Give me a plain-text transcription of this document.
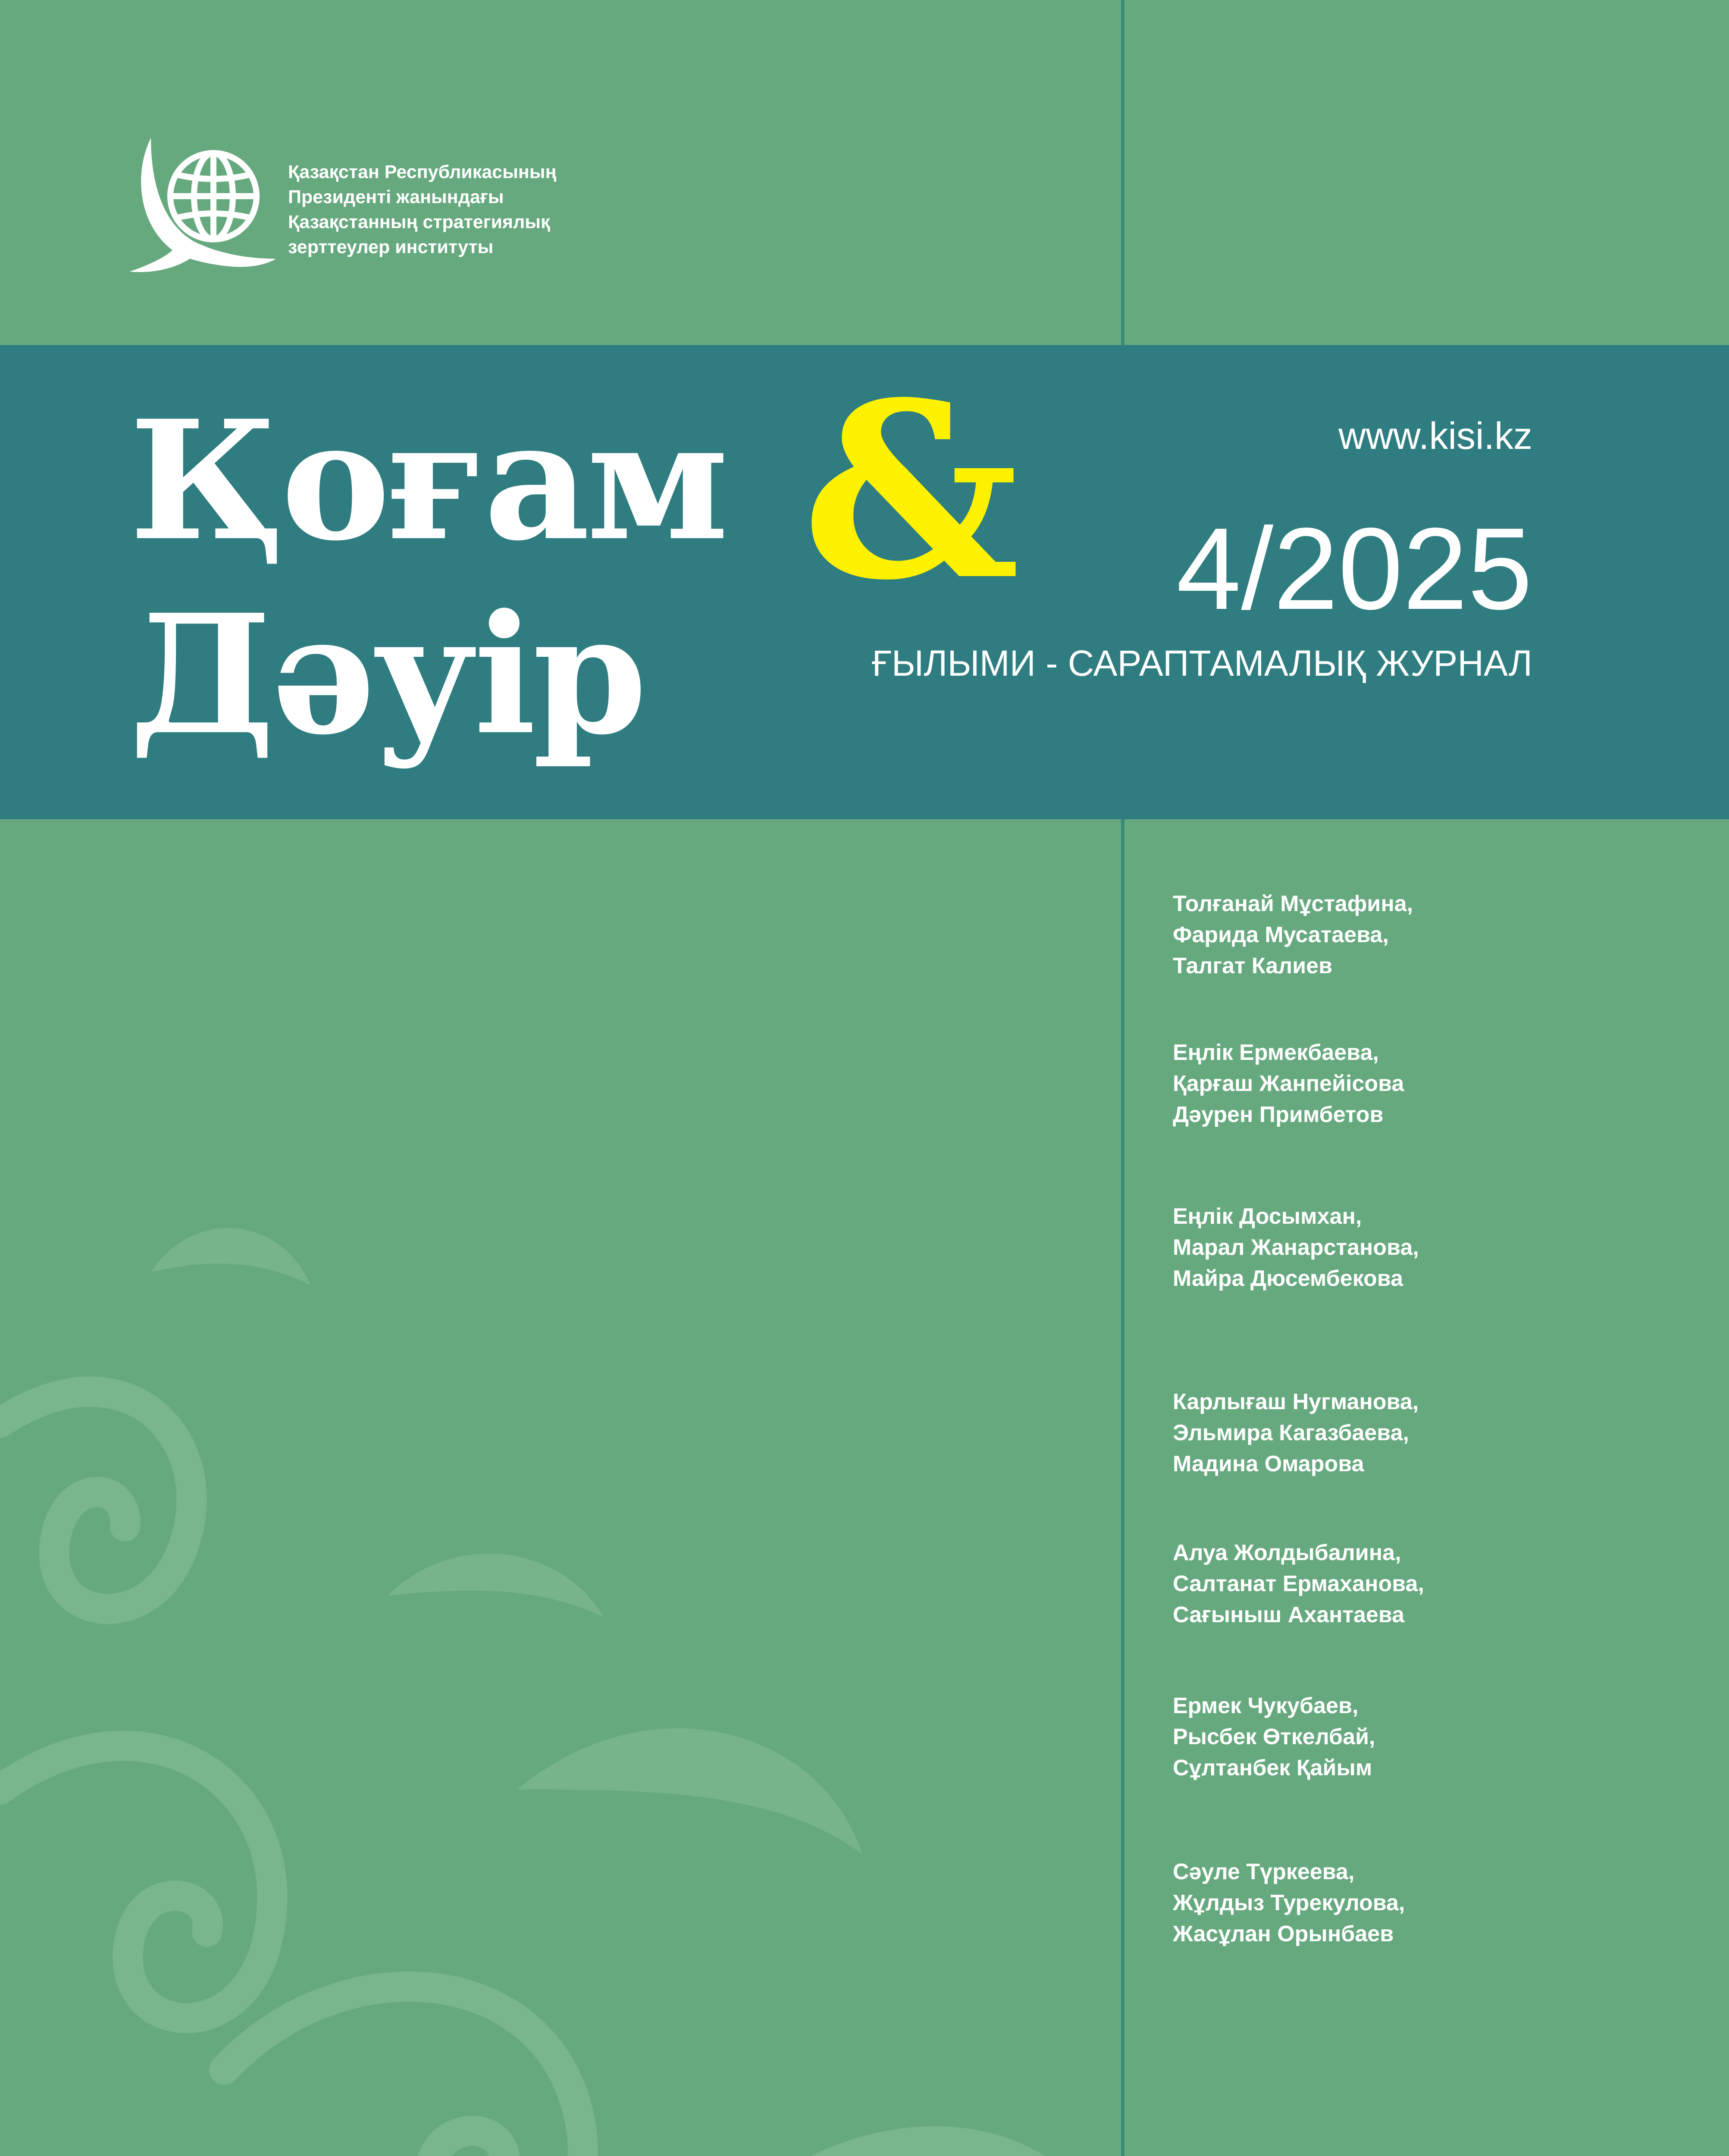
Қазақстан Республикасының
Президенті жанындағы
Қазақстанның стратегиялық
зерттеулер институты
Қоғам
Дәуір
&	www.kisi.kz
4/2025
ҒЫЛЫМИ - САРАПТАМАЛЫҚ ЖУРНАЛ
Толғанай Мұстафина,
Фарида Мусатаева,
Талгат Калиев
Еңлік Ермекбаева,
Қарғаш Жанпейісова
Дәурен Примбетов
Еңлік Досымхан,
Марал Жанарстанова,
Майра Дюсембекова
Карлығаш Нугманова,
Эльмира Кагазбаева,
Мадина Омарова
Алуа Жолдыбалина,
Салтанат Ермаханова,
Сағыныш Ахантаева
Ермек Чукубаев,
Рысбек Өткелбай,
Сұлтанбек Қайым
Сәуле Түркеева,
Жұлдыз Турекулова,
Жасұлан Орынбаев
